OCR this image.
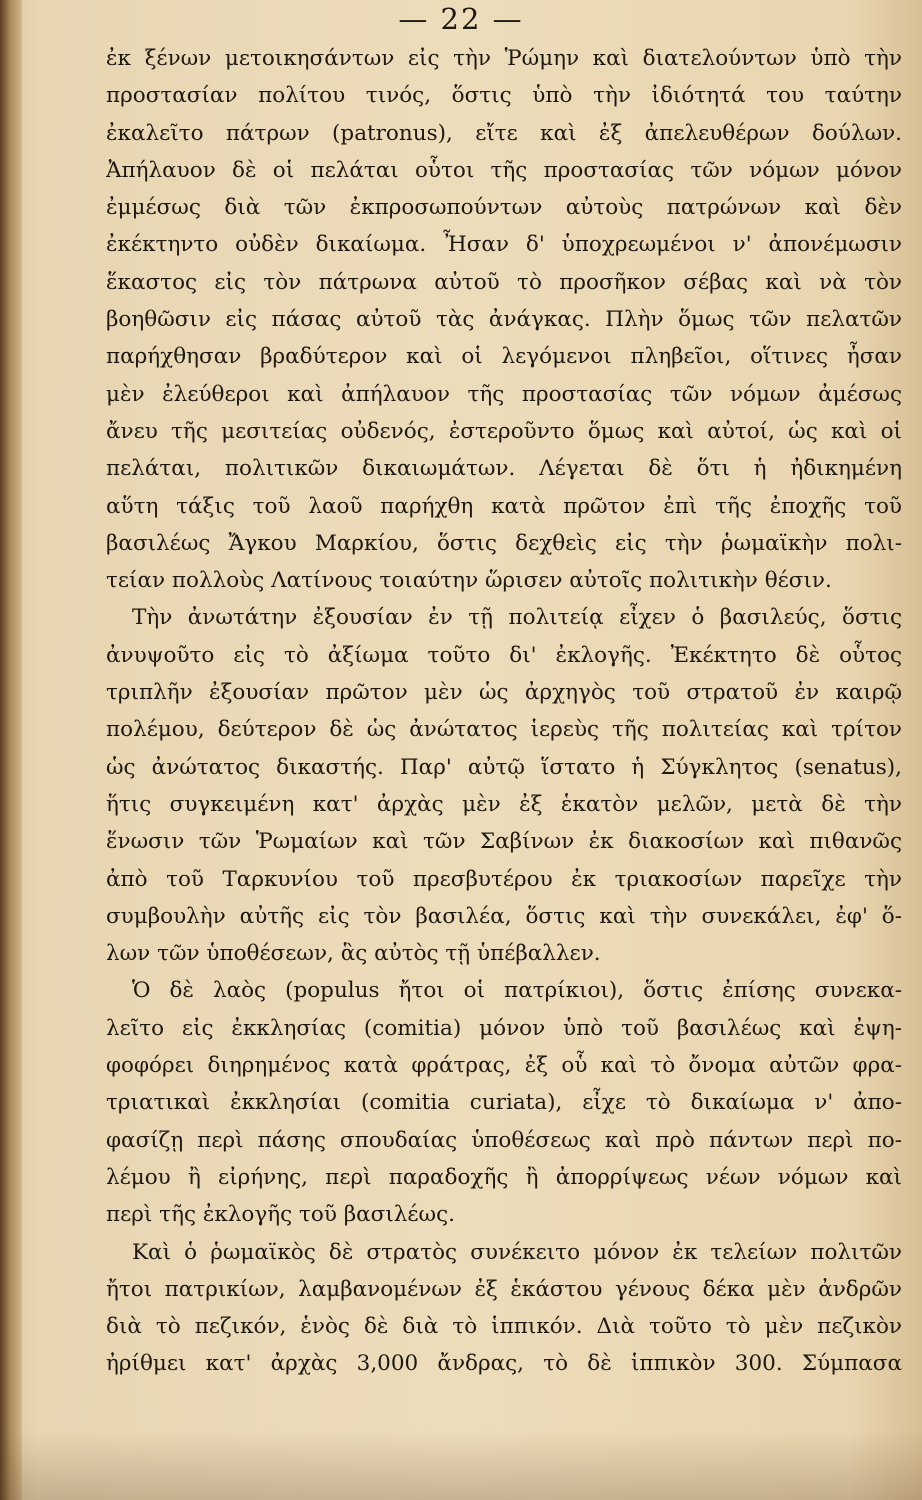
— 22 —
ἐκ ξένων μετοικησάντων εἰς τὴν Ῥώμην καὶ διατελούντων ὑπὸ τὴν
προστασίαν πολίτου τινός, ὅστις ὑπὸ τὴν ἰδιότητά του ταύτην
ἐκαλεῖτο πάτρων (patronus), εἴτε καὶ ἐξ ἀπελευθέρων δούλων.
Ἀπήλαυον δὲ οἱ πελάται οὗτοι τῆς προστασίας τῶν νόμων μόνον
ἐμμέσως διὰ τῶν ἐκπροσωπούντων αὐτοὺς πατρώνων καὶ δὲν
ἐκέκτηντο οὐδὲν δικαίωμα. Ἦσαν δ' ὑποχρεωμένοι ν' ἀπονέμωσιν
ἕκαστος εἰς τὸν πάτρωνα αὐτοῦ τὸ προσῆκον σέβας καὶ νὰ τὸν
βοηθῶσιν εἰς πάσας αὐτοῦ τὰς ἀνάγκας. Πλὴν ὅμως τῶν πελατῶν
παρήχθησαν βραδύτερον καὶ οἱ λεγόμενοι πληβεῖοι, οἵτινες ἦσαν
μὲν ἐλεύθεροι καὶ ἀπήλαυον τῆς προστασίας τῶν νόμων ἀμέσως
ἄνευ τῆς μεσιτείας οὐδενός, ἐστεροῦντο ὅμως καὶ αὐτοί, ὡς καὶ οἱ
πελάται, πολιτικῶν δικαιωμάτων. Λέγεται δὲ ὅτι ἡ ἠδικημένη
αὕτη τάξις τοῦ λαοῦ παρήχθη κατὰ πρῶτον ἐπὶ τῆς ἐποχῆς τοῦ
βασιλέως Ἄγκου Μαρκίου, ὅστις δεχθεὶς εἰς τὴν ῥωμαϊκὴν πολι-
τείαν πολλοὺς Λατίνους τοιαύτην ὥρισεν αὐτοῖς πολιτικὴν θέσιν.
Τὴν ἀνωτάτην ἐξουσίαν ἐν τῇ πολιτείᾳ εἶχεν ὁ βασιλεύς, ὅστις
ἀνυψοῦτο εἰς τὸ ἀξίωμα τοῦτο δι' ἐκλογῆς. Ἐκέκτητο δὲ οὗτος
τριπλῆν ἐξουσίαν πρῶτον μὲν ὡς ἀρχηγὸς τοῦ στρατοῦ ἐν καιρῷ
πολέμου, δεύτερον δὲ ὡς ἀνώτατος ἱερεὺς τῆς πολιτείας καὶ τρίτον
ὡς ἀνώτατος δικαστής. Παρ' αὐτῷ ἵστατο ἡ Σύγκλητος (senatus),
ἥτις συγκειμένη κατ' ἀρχὰς μὲν ἐξ ἑκατὸν μελῶν, μετὰ δὲ τὴν
ἕνωσιν τῶν Ῥωμαίων καὶ τῶν Σαβίνων ἐκ διακοσίων καὶ πιθανῶς
ἀπὸ τοῦ Ταρκυνίου τοῦ πρεσβυτέρου ἐκ τριακοσίων παρεῖχε τὴν
συμβουλὴν αὐτῆς εἰς τὸν βασιλέα, ὅστις καὶ τὴν συνεκάλει, ἐφ' ὅ-
λων τῶν ὑποθέσεων, ἃς αὐτὸς τῇ ὑπέβαλλεν.
Ὁ δὲ λαὸς (populus ἤτοι οἱ πατρίκιοι), ὅστις ἐπίσης συνεκα-
λεῖτο εἰς ἐκκλησίας (comitia) μόνον ὑπὸ τοῦ βασιλέως καὶ ἐψη-
φοφόρει διηρημένος κατὰ φράτρας, ἐξ οὗ καὶ τὸ ὄνομα αὐτῶν φρα-
τριατικαὶ ἐκκλησίαι (comitia curiata), εἶχε τὸ δικαίωμα ν' ἀπο-
φασίζῃ περὶ πάσης σπουδαίας ὑποθέσεως καὶ πρὸ πάντων περὶ πο-
λέμου ἢ εἰρήνης, περὶ παραδοχῆς ἢ ἀπορρίψεως νέων νόμων καὶ
περὶ τῆς ἐκλογῆς τοῦ βασιλέως.
Καὶ ὁ ῥωμαϊκὸς δὲ στρατὸς συνέκειτο μόνον ἐκ τελείων πολιτῶν
ἤτοι πατρικίων, λαμβανομένων ἐξ ἑκάστου γένους δέκα μὲν ἀνδρῶν
διὰ τὸ πεζικόν, ἑνὸς δὲ διὰ τὸ ἱππικόν. Διὰ τοῦτο τὸ μὲν πεζικὸν
ἠρίθμει κατ' ἀρχὰς 3,000 ἄνδρας, τὸ δὲ ἱππικὸν 300. Σύμπασα
